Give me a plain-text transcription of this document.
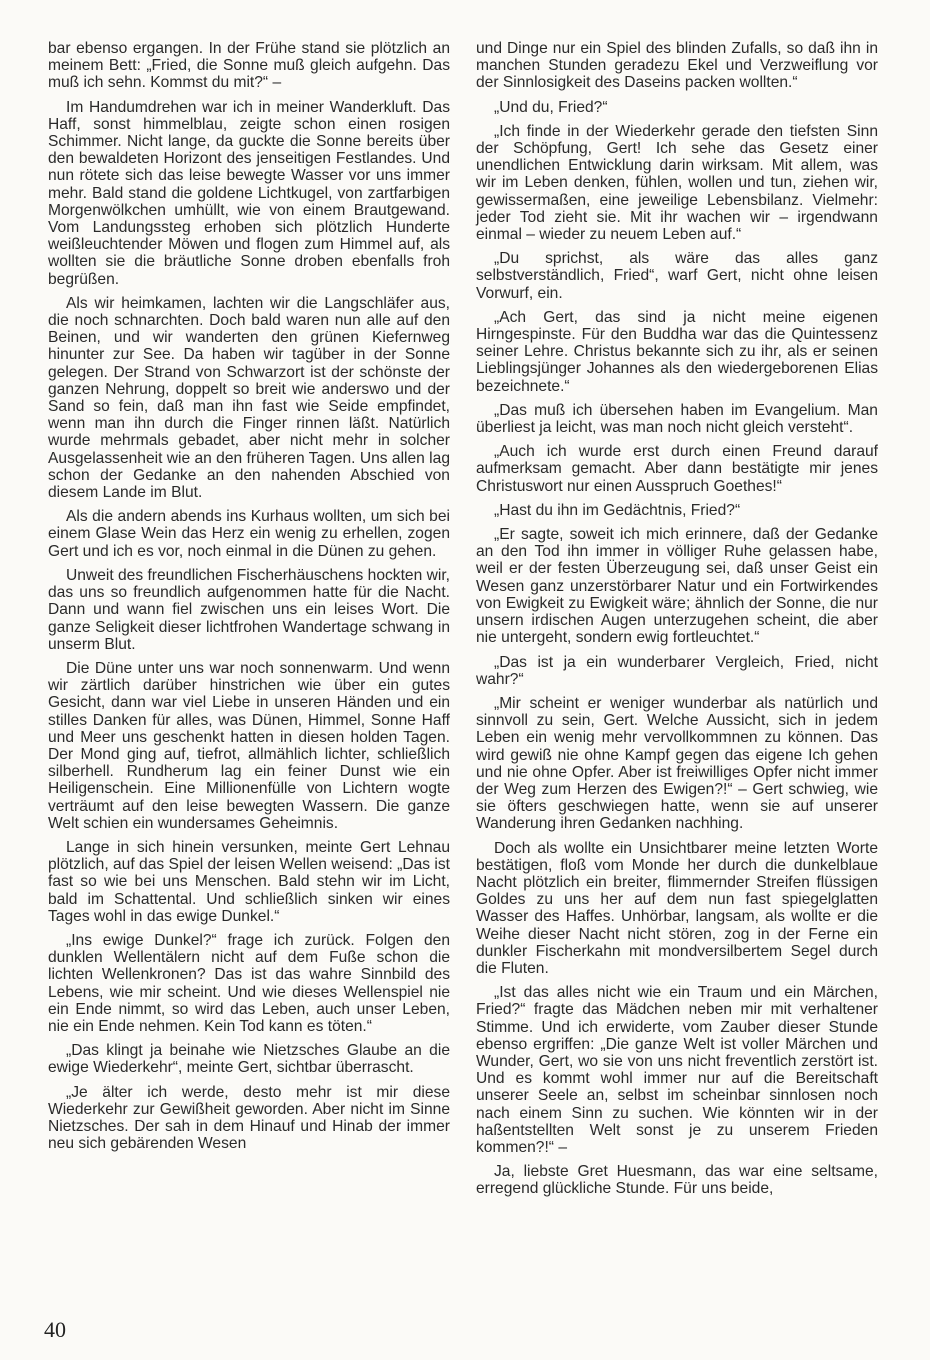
bar ebenso ergangen. In der Frühe stand sie plötzlich an meinem Bett: „Fried, die Sonne muß gleich aufgehn. Das muß ich sehn. Kommst du mit?“ –

Im Handumdrehen war ich in meiner Wanderkluft. Das Haff, sonst himmelblau, zeigte schon einen rosigen Schimmer. Nicht lange, da guckte die Sonne bereits über den bewaldeten Horizont des jenseitigen Festlandes. Und nun rötete sich das leise bewegte Wasser vor uns immer mehr. Bald stand die goldene Lichtkugel, von zartfarbigen Morgenwölkchen umhüllt, wie von einem Brautgewand. Vom Landungssteg erhoben sich plötzlich Hunderte weißleuchtender Möwen und flogen zum Himmel auf, als wollten sie die bräutliche Sonne droben ebenfalls froh begrüßen.

Als wir heimkamen, lachten wir die Langschläfer aus, die noch schnarchten. Doch bald waren nun alle auf den Beinen, und wir wanderten den grünen Kiefernweg hinunter zur See. Da haben wir tagüber in der Sonne gelegen. Der Strand von Schwarzort ist der schönste der ganzen Nehrung, doppelt so breit wie anderswo und der Sand so fein, daß man ihn fast wie Seide empfindet, wenn man ihn durch die Finger rinnen läßt. Natürlich wurde mehrmals gebadet, aber nicht mehr in solcher Ausgelassenheit wie an den früheren Tagen. Uns allen lag schon der Gedanke an den nahenden Abschied von diesem Lande im Blut.

Als die andern abends ins Kurhaus wollten, um sich bei einem Glase Wein das Herz ein wenig zu erhellen, zogen Gert und ich es vor, noch einmal in die Dünen zu gehen.

Unweit des freundlichen Fischerhäuschens hockten wir, das uns so freundlich aufgenommen hatte für die Nacht. Dann und wann fiel zwischen uns ein leises Wort. Die ganze Seligkeit dieser lichtfrohen Wandertage schwang in unserm Blut.

Die Düne unter uns war noch sonnenwarm. Und wenn wir zärtlich darüber hinstrichen wie über ein gutes Gesicht, dann war viel Liebe in unseren Händen und ein stilles Danken für alles, was Dünen, Himmel, Sonne Haff und Meer uns geschenkt hatten in diesen holden Tagen. Der Mond ging auf, tiefrot, allmählich lichter, schließlich silberhell. Rundherum lag ein feiner Dunst wie ein Heiligenschein. Eine Millionenfülle von Lichtern wogte verträumt auf den leise bewegten Wassern. Die ganze Welt schien ein wundersames Geheimnis.

Lange in sich hinein versunken, meinte Gert Lehnau plötzlich, auf das Spiel der leisen Wellen weisend: „Das ist fast so wie bei uns Menschen. Bald stehn wir im Licht, bald im Schattental. Und schließlich sinken wir eines Tages wohl in das ewige Dunkel.“

„Ins ewige Dunkel?“ frage ich zurück. Folgen den dunklen Wellentälern nicht auf dem Fuße schon die lichten Wellenkronen? Das ist das wahre Sinnbild des Lebens, wie mir scheint. Und wie dieses Wellenspiel nie ein Ende nimmt, so wird das Leben, auch unser Leben, nie ein Ende nehmen. Kein Tod kann es töten.“

„Das klingt ja beinahe wie Nietzsches Glaube an die ewige Wiederkehr“, meinte Gert, sichtbar überrascht.

„Je älter ich werde, desto mehr ist mir diese Wiederkehr zur Gewißheit geworden. Aber nicht im Sinne Nietzsches. Der sah in dem Hinauf und Hinab der immer neu sich gebärenden Wesen

und Dinge nur ein Spiel des blinden Zufalls, so daß ihn in manchen Stunden geradezu Ekel und Verzweiflung vor der Sinnlosigkeit des Daseins packen wollten.“

„Und du, Fried?“

„Ich finde in der Wiederkehr gerade den tiefsten Sinn der Schöpfung, Gert! Ich sehe das Gesetz einer unendlichen Entwicklung darin wirksam. Mit allem, was wir im Leben denken, fühlen, wollen und tun, ziehen wir, gewissermaßen, eine jeweilige Lebensbilanz. Vielmehr: jeder Tod zieht sie. Mit ihr wachen wir – irgendwann einmal – wieder zu neuem Leben auf.“

„Du sprichst, als wäre das alles ganz selbstverständlich, Fried“, warf Gert, nicht ohne leisen Vorwurf, ein.

„Ach Gert, das sind ja nicht meine eigenen Hirngespinste. Für den Buddha war das die Quintessenz seiner Lehre. Christus bekannte sich zu ihr, als er seinen Lieblingsjünger Johannes als den wiedergeborenen Elias bezeichnete.“

„Das muß ich übersehen haben im Evangelium. Man überliest ja leicht, was man noch nicht gleich versteht“.

„Auch ich wurde erst durch einen Freund darauf aufmerksam gemacht. Aber dann bestätigte mir jenes Christuswort nur einen Ausspruch Goethes!“

„Hast du ihn im Gedächtnis, Fried?“

„Er sagte, soweit ich mich erinnere, daß der Gedanke an den Tod ihn immer in völliger Ruhe gelassen habe, weil er der festen Überzeugung sei, daß unser Geist ein Wesen ganz unzerstörbarer Natur und ein Fortwirkendes von Ewigkeit zu Ewigkeit wäre; ähnlich der Sonne, die nur unsern irdischen Augen unterzugehen scheint, die aber nie untergeht, sondern ewig fortleuchtet.“

„Das ist ja ein wunderbarer Vergleich, Fried, nicht wahr?“

„Mir scheint er weniger wunderbar als natürlich und sinnvoll zu sein, Gert. Welche Aussicht, sich in jedem Leben ein wenig mehr vervollkommnen zu können. Das wird gewiß nie ohne Kampf gegen das eigene Ich gehen und nie ohne Opfer. Aber ist freiwilliges Opfer nicht immer der Weg zum Herzen des Ewigen?!“ – Gert schwieg, wie sie öfters geschwiegen hatte, wenn sie auf unserer Wanderung ihren Gedanken nachhing.

Doch als wollte ein Unsichtbarer meine letzten Worte bestätigen, floß vom Monde her durch die dunkelblaue Nacht plötzlich ein breiter, flimmernder Streifen flüssigen Goldes zu uns her auf dem nun fast spiegelglatten Wasser des Haffes. Unhörbar, langsam, als wollte er die Weihe dieser Nacht nicht stören, zog in der Ferne ein dunkler Fischerkahn mit mondversilbertem Segel durch die Fluten.

„Ist das alles nicht wie ein Traum und ein Märchen, Fried?“ fragte das Mädchen neben mir mit verhaltener Stimme. Und ich erwiderte, vom Zauber dieser Stunde ebenso ergriffen: „Die ganze Welt ist voller Märchen und Wunder, Gert, wo sie von uns nicht freventlich zerstört ist. Und es kommt wohl immer nur auf die Bereitschaft unserer Seele an, selbst im scheinbar sinnlosen noch nach einem Sinn zu suchen. Wie könnten wir in der haßentstellten Welt sonst je zu unserem Frieden kommen?!“ –

Ja, liebste Gret Huesmann, das war eine seltsame, erregend glückliche Stunde. Für uns beide,

40
